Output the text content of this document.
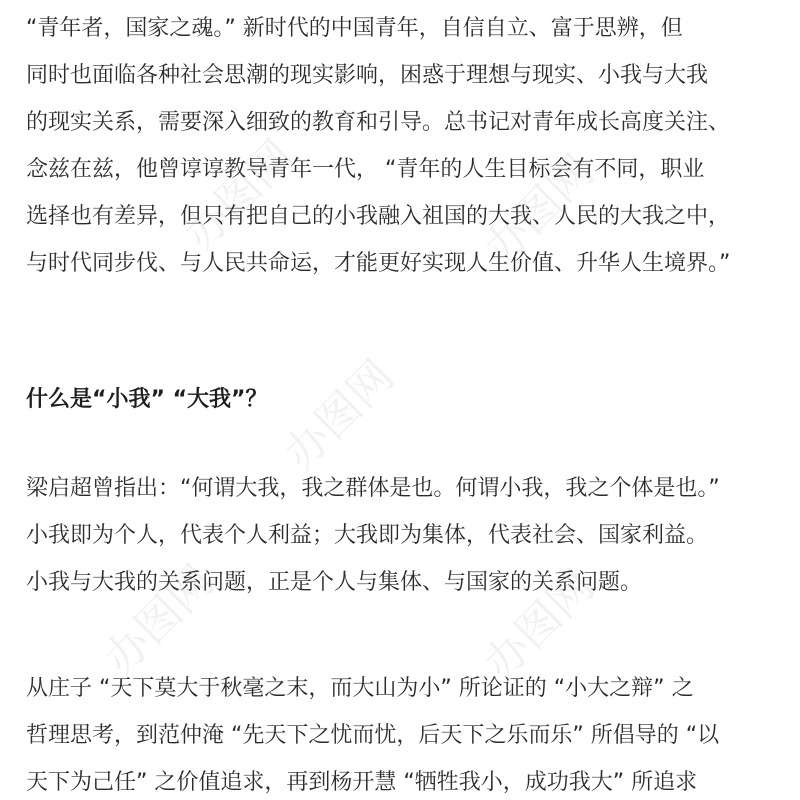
“青年者，国家之魂。” 新时代的中国青年，自信自立、富于思辨，但
同时也面临各种社会思潮的现实影响，困惑于理想与现实、小我与大我
的现实关系，需要深入细致的教育和引导。总书记对青年成长高度关注、
念兹在兹，他曾谆谆教导青年一代， “青年的人生目标会有不同，职业
选择也有差异，但只有把自己的小我融入祖国的大我、人民的大我之中，
与时代同步伐、与人民共命运，才能更好实现人生价值、升华人生境界。”
什么是“小我” “大我”？
梁启超曾指出：“何谓大我，我之群体是也。何谓小我，我之个体是也。”
小我即为个人，代表个人利益；大我即为集体，代表社会、国家利益。
小我与大我的关系问题，正是个人与集体、与国家的关系问题。
从庄子 “天下莫大于秋毫之末，而大山为小” 所论证的 “小大之辩” 之
哲理思考，到范仲淹 “先天下之忧而忧，后天下之乐而乐” 所倡导的 “以
天下为己任” 之价值追求，再到杨开慧 “牺牲我小，成功我大” 所追求
办图网	办图网
办图网
办图网	办图网
